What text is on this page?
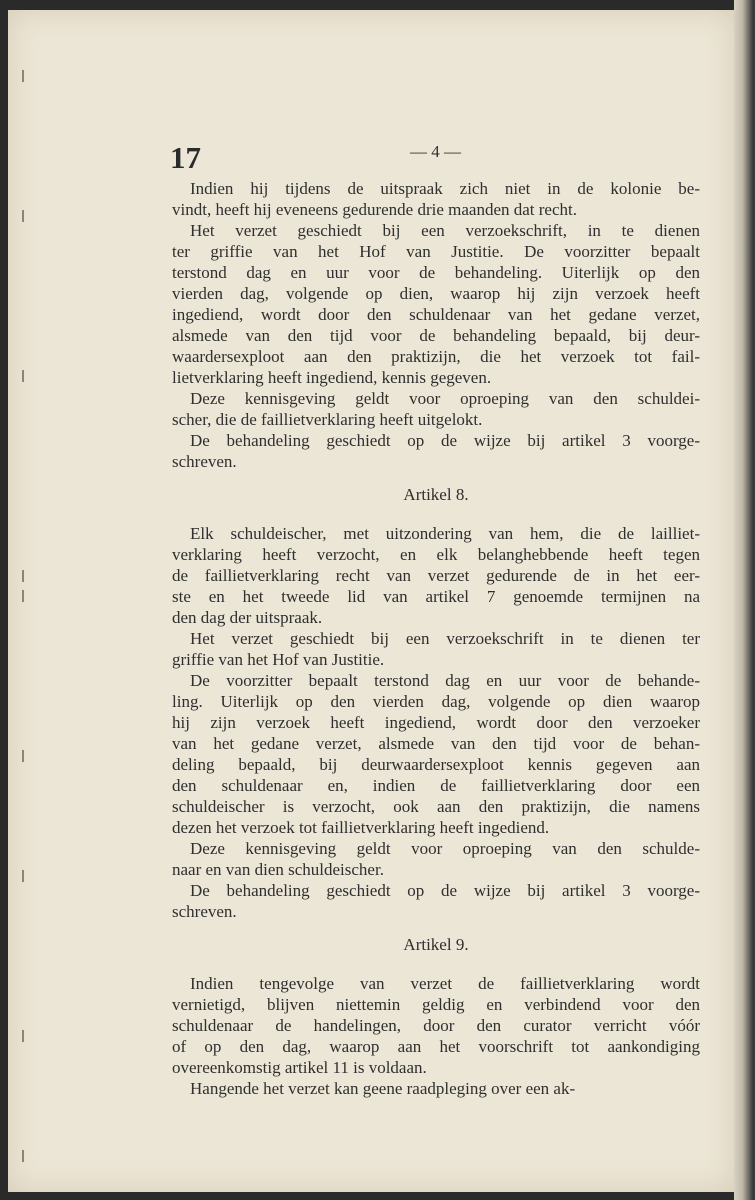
17	— 4 —
Indien hij tijdens de uitspraak zich niet in de kolonie be-
vindt, heeft hij eveneens gedurende drie maanden dat recht.
Het verzet geschiedt bij een verzoekschrift, in te dienen
ter griffie van het Hof van Justitie. De voorzitter bepaalt
terstond dag en uur voor de behandeling. Uiterlijk op den
vierden dag, volgende op dien, waarop hij zijn verzoek heeft
ingediend, wordt door den schuldenaar van het gedane verzet,
alsmede van den tijd voor de behandeling bepaald, bij deur-
waardersexploot aan den praktizijn, die het verzoek tot fail-
lietverklaring heeft ingediend, kennis gegeven.
Deze kennisgeving geldt voor oproeping van den schuldei-
scher, die de faillietverklaring heeft uitgelokt.
De behandeling geschiedt op de wijze bij artikel 3 voorge-
schreven.
Artikel 8.
Elk schuldeischer, met uitzondering van hem, die de lailliet-
verklaring heeft verzocht, en elk belanghebbende heeft tegen
de faillietverklaring recht van verzet gedurende de in het eer-
ste en het tweede lid van artikel 7 genoemde termijnen na
den dag der uitspraak.
Het verzet geschiedt bij een verzoekschrift in te dienen ter
griffie van het Hof van Justitie.
De voorzitter bepaalt terstond dag en uur voor de behande-
ling. Uiterlijk op den vierden dag, volgende op dien waarop
hij zijn verzoek heeft ingediend, wordt door den verzoeker
van het gedane verzet, alsmede van den tijd voor de behan-
deling bepaald, bij deurwaardersexploot kennis gegeven aan
den schuldenaar en, indien de faillietverklaring door een
schuldeischer is verzocht, ook aan den praktizijn, die namens
dezen het verzoek tot faillietverklaring heeft ingediend.
Deze kennisgeving geldt voor oproeping van den schulde-
naar en van dien schuldeischer.
De behandeling geschiedt op de wijze bij artikel 3 voorge-
schreven.
Artikel 9.
Indien tengevolge van verzet de faillietverklaring wordt
vernietigd, blijven niettemin geldig en verbindend voor den
schuldenaar de handelingen, door den curator verricht vóór
of op den dag, waarop aan het voorschrift tot aankondiging
overeenkomstig artikel 11 is voldaan.
Hangende het verzet kan geene raadpleging over een ak-
